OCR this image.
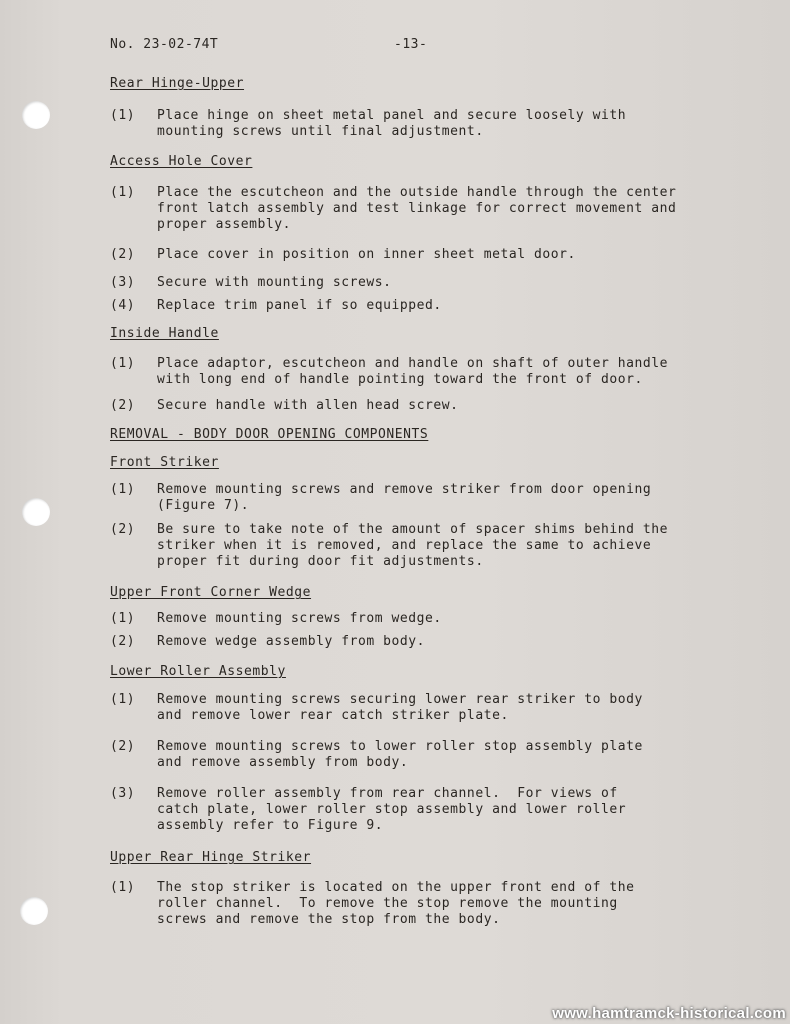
No. 23-02-74T	-13-
Rear Hinge-Upper
(1) Place hinge on sheet metal panel and secure loosely with
mounting screws until final adjustment.
Access Hole Cover
(1) Place the escutcheon and the outside handle through the center
front latch assembly and test linkage for correct movement and
proper assembly.
(2) Place cover in position on inner sheet metal door.
(3) Secure with mounting screws.
(4) Replace trim panel if so equipped.
Inside Handle
(1) Place adaptor, escutcheon and handle on shaft of outer handle
with long end of handle pointing toward the front of door.
(2) Secure handle with allen head screw.
REMOVAL - BODY DOOR OPENING COMPONENTS
Front Striker
(1) Remove mounting screws and remove striker from door opening
(Figure 7).
(2) Be sure to take note of the amount of spacer shims behind the
striker when it is removed, and replace the same to achieve
proper fit during door fit adjustments.
Upper Front Corner Wedge
(1) Remove mounting screws from wedge.
(2) Remove wedge assembly from body.
Lower Roller Assembly
(1) Remove mounting screws securing lower rear striker to body
and remove lower rear catch striker plate.
(2) Remove mounting screws to lower roller stop assembly plate
and remove assembly from body.
(3) Remove roller assembly from rear channel.  For views of
catch plate, lower roller stop assembly and lower roller
assembly refer to Figure 9.
Upper Rear Hinge Striker
(1) The stop striker is located on the upper front end of the
roller channel.  To remove the stop remove the mounting
screws and remove the stop from the body.
www.hamtramck-historical.com
